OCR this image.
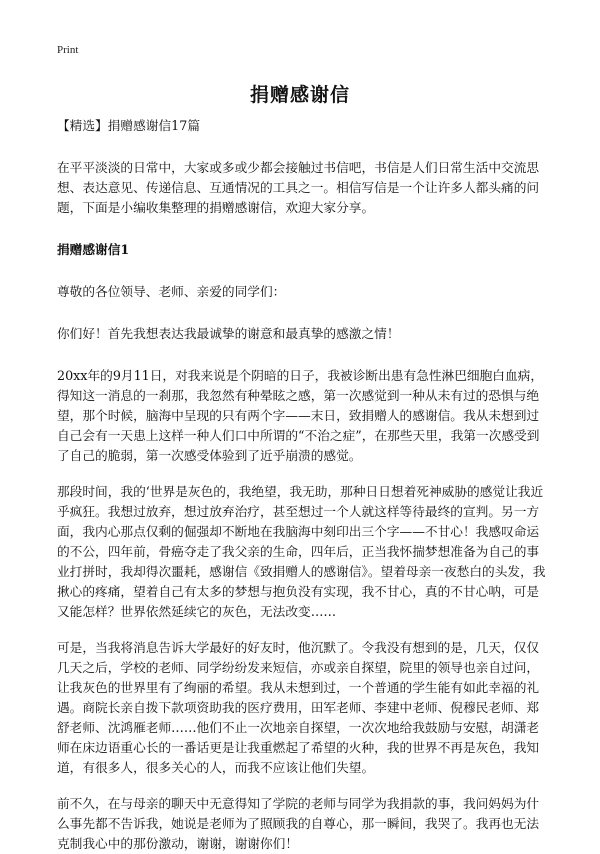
Print
捐赠感谢信

【精选】捐赠感谢信17篇

在平平淡淡的日常中，大家或多或少都会接触过书信吧，书信是人们日常生活中交流思想、表达意见、传递信息、互通情况的工具之一。相信写信是一个让许多人都头痛的问题，下面是小编收集整理的捐赠感谢信，欢迎大家分享。

捐赠感谢信1

尊敬的各位领导、老师、亲爱的同学们：

你们好！首先我想表达我最诚挚的谢意和最真挚的感激之情！

20xx年的9月11日，对我来说是个阴暗的日子，我被诊断出患有急性淋巴细胞白血病，得知这一消息的一刹那，我忽然有种晕眩之感，第一次感觉到一种从未有过的恐惧与绝望，那个时候，脑海中呈现的只有两个字——末日，致捐赠人的感谢信。我从未想到过自己会有一天患上这样一种人们口中所谓的“不治之症”，在那些天里，我第一次感受到了自己的脆弱，第一次感受体验到了近乎崩溃的感觉。

那段时间，我的‘世界是灰色的，我绝望，我无助，那种日日想着死神威胁的感觉让我近乎疯狂。我想过放弃，想过放弃治疗，甚至想过一个人就这样等待最终的宣判。另一方面，我内心那点仅剩的倔强却不断地在我脑海中刻印出三个字——不甘心！我感叹命运的不公，四年前，骨癌夺走了我父亲的生命，四年后，正当我怀揣梦想准备为自己的事业打拼时，我却得次噩耗，感谢信《致捐赠人的感谢信》。望着母亲一夜愁白的头发，我揪心的疼痛，望着自己有太多的梦想与抱负没有实现，我不甘心，真的不甘心呐，可是又能怎样？世界依然延续它的灰色，无法改变……

可是，当我将消息告诉大学最好的好友时，他沉默了。令我没有想到的是，几天，仅仅几天之后，学校的老师、同学纷纷发来短信，亦或亲自探望，院里的领导也亲自过问，让我灰色的世界里有了绚丽的希望。我从未想到过，一个普通的学生能有如此幸福的礼遇。商院长亲自拨下款项资助我的医疗费用，田军老师、李建中老师、倪穆民老师、郑舒老师、沈鸿雁老师……他们不止一次地亲自探望，一次次地给我鼓励与安慰，胡潇老师在床边语重心长的一番话更是让我重燃起了希望的火种，我的世界不再是灰色，我知道，有很多人，很多关心的人，而我不应该让他们失望。

前不久，在与母亲的聊天中无意得知了学院的老师与同学为我捐款的事，我问妈妈为什么事先都不告诉我，她说是老师为了照顾我的自尊心，那一瞬间，我哭了。我再也无法克制我心中的那份激动，谢谢，谢谢你们！
